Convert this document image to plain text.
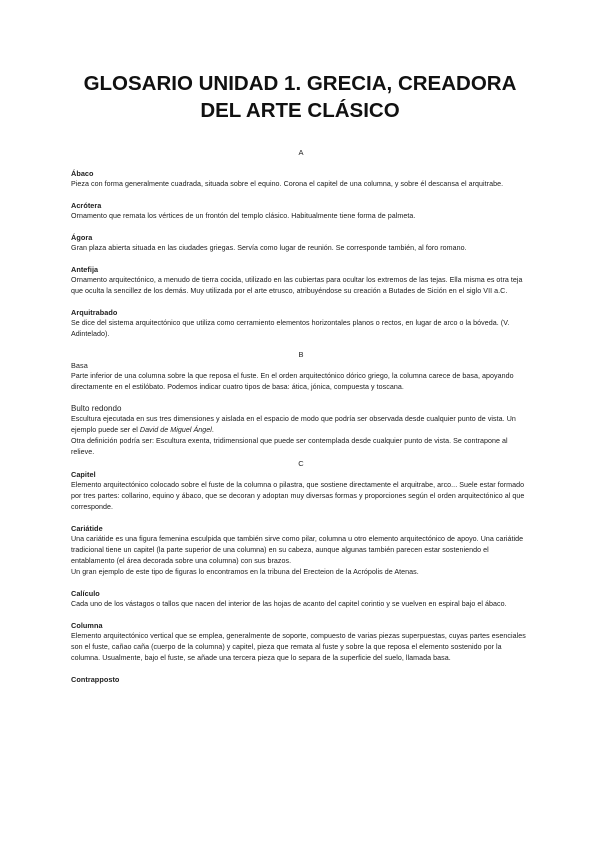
GLOSARIO UNIDAD 1. GRECIA, CREADORA
DEL ARTE CLÁSICO
A
Ábaco

Pieza con forma generalmente cuadrada, situada sobre el equino. Corona el capitel de una columna, y sobre él descansa el arquitrabe.

Acrótera

Ornamento que remata los vértices de un frontón del templo clásico. Habitualmente tiene forma de palmeta.

Ágora

Gran plaza abierta situada en las ciudades griegas. Servía como lugar de reunión. Se corresponde también, al foro romano.

Antefija

Ornamento arquitectónico, a menudo de tierra cocida, utilizado en las cubiertas para ocultar los extremos de las tejas. Ella misma es otra teja que oculta la sencillez de los demás. Muy utilizada por el arte etrusco, atribuyéndose su creación a Butades de Sición en el siglo VII a.C.

Arquitrabado

Se dice del sistema arquitectónico que utiliza como cerramiento elementos horizontales planos o rectos, en lugar de arco o la bóveda. (V. Adintelado).

B
Basa

Parte inferior de una columna sobre la que reposa el fuste. En el orden arquitectónico dórico griego, la columna carece de basa, apoyando directamente en el estilóbato. Podemos indicar cuatro tipos de basa: ática, jónica, compuesta y toscana.

Bulto redondo

Escultura ejecutada en sus tres dimensiones y aislada en el espacio de modo que podría ser observada desde cualquier punto de vista. Un ejemplo puede ser el David de Miguel Ángel.

Otra definición podría ser: Escultura exenta, tridimensional que puede ser contemplada desde cualquier punto de vista. Se contrapone al relieve.

C
Capitel

Elemento arquitectónico colocado sobre el fuste de la columna o pilastra, que sostiene directamente el arquitrabe, arco... Suele estar formado por tres partes: collarino, equino y ábaco, que se decoran y adoptan muy diversas formas y proporciones según el orden arquitectónico al que corresponde.

Cariátide

Una cariátide es una figura femenina esculpida que también sirve como pilar, columna u otro elemento arquitectónico de apoyo. Una cariátide tradicional tiene un capitel (la parte superior de una columna) en su cabeza, aunque algunas también parecen estar sosteniendo el entablamento (el área decorada sobre una columna) con sus brazos.

Un gran ejemplo de este tipo de figuras lo encontramos en la tribuna del Erecteion de la Acrópolis de Atenas.

Calículo

Cada uno de los vástagos o tallos que nacen del interior de las hojas de acanto del capitel corintio y se vuelven en espiral bajo el ábaco.

Columna

Elemento arquitectónico vertical que se emplea, generalmente de soporte, compuesto de varias piezas superpuestas, cuyas partes esenciales son el fuste, cañao caña (cuerpo de la columna) y capitel, pieza que remata al fuste y sobre la que reposa el elemento sostenido por la columna. Usualmente, bajo el fuste, se añade una tercera pieza que lo separa de la superficie del suelo, llamada basa.

Contrapposto
